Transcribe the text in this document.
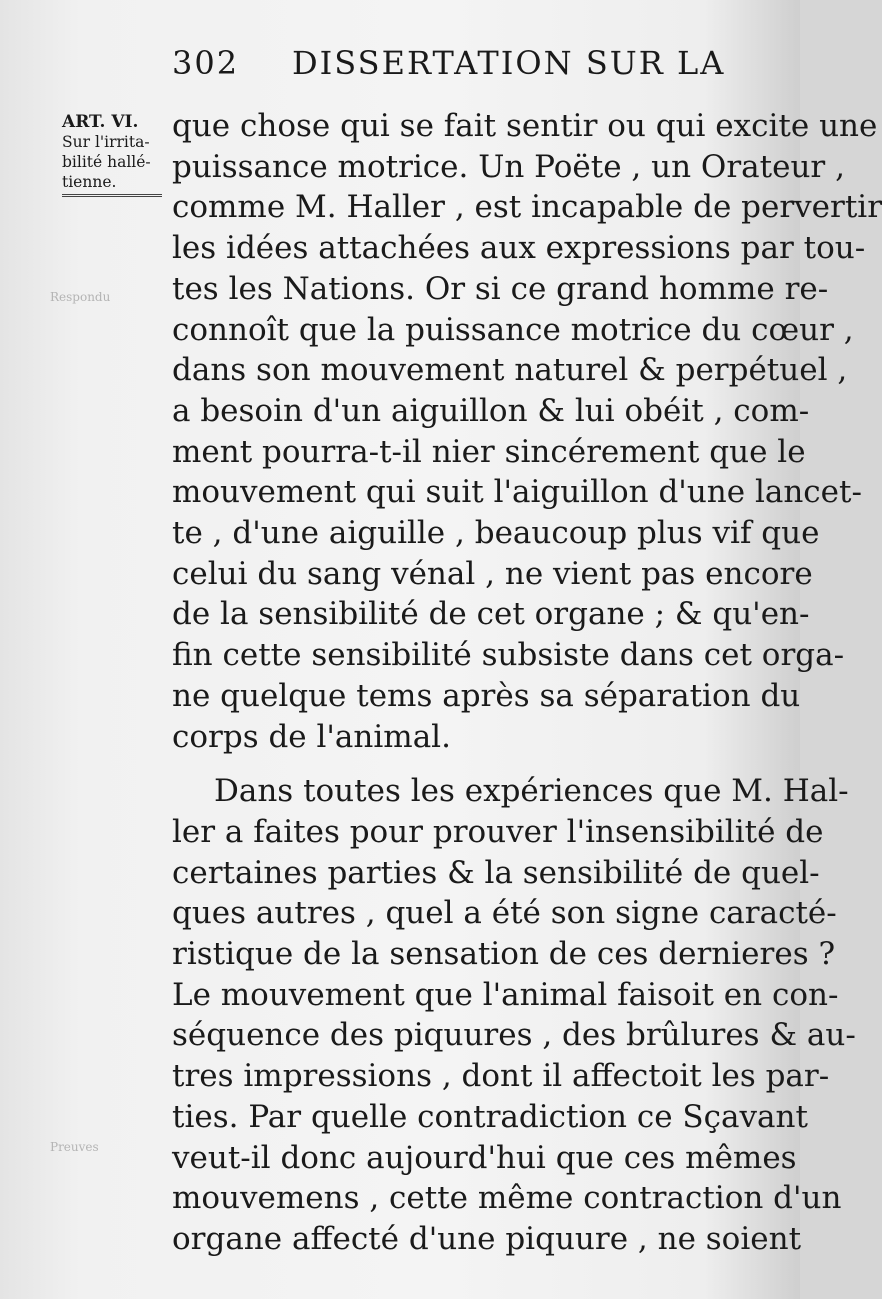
Respondu
Preuves
302 DISSERTATION SUR LA
ART. VI.
Sur l'irrita-
bilité hallé-
tienne.
que chose qui se fait sentir ou qui excite une
puissance motrice. Un Poëte , un Orateur ,
comme M. Haller , est incapable de pervertir
les idées attachées aux expressions par tou-
tes les Nations. Or si ce grand homme re-
connoît que la puissance motrice du cœur ,
dans son mouvement naturel & perpétuel ,
a besoin d'un aiguillon & lui obéit , com-
ment pourra-t-il nier sincérement que le
mouvement qui suit l'aiguillon d'une lancet-
te , d'une aiguille , beaucoup plus vif que
celui du sang vénal , ne vient pas encore
de la sensibilité de cet organe ; & qu'en-
fin cette sensibilité subsiste dans cet orga-
ne quelque tems après sa séparation du
corps de l'animal.
Dans toutes les expériences que M. Hal-
ler a faites pour prouver l'insensibilité de
certaines parties & la sensibilité de quel-
ques autres , quel a été son signe caracté-
ristique de la sensation de ces dernieres ?
Le mouvement que l'animal faisoit en con-
séquence des piquures , des brûlures & au-
tres impressions , dont il affectoit les par-
ties. Par quelle contradiction ce Sçavant
veut-il donc aujourd'hui que ces mêmes
mouvemens , cette même contraction d'un
organe affecté d'une piquure , ne soient
